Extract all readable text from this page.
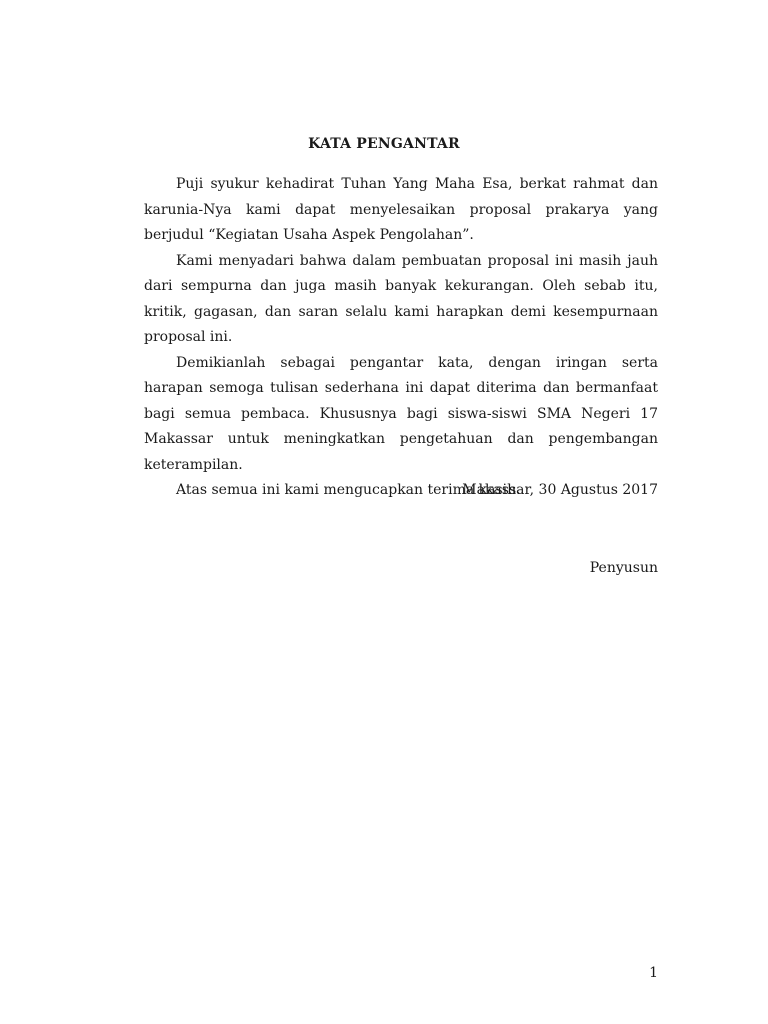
KATA PENGANTAR

Puji syukur kehadirat Tuhan Yang Maha Esa, berkat rahmat dan karunia-Nya kami dapat menyelesaikan proposal prakarya yang berjudul “Kegiatan Usaha Aspek Pengolahan”.

Kami menyadari bahwa dalam pembuatan proposal ini masih jauh dari sempurna dan juga masih banyak kekurangan. Oleh sebab itu, kritik, gagasan, dan saran selalu kami harapkan demi kesempurnaan proposal ini.

Demikianlah sebagai pengantar kata, dengan iringan serta harapan semoga tulisan sederhana ini dapat diterima dan bermanfaat bagi semua pembaca. Khususnya bagi siswa-siswi SMA Negeri 17 Makassar untuk meningkatkan pengetahuan dan pengembangan keterampilan.

Atas semua ini kami mengucapkan terima kasih.

Makassar, 30 Agustus 2017
Penyusun
1
